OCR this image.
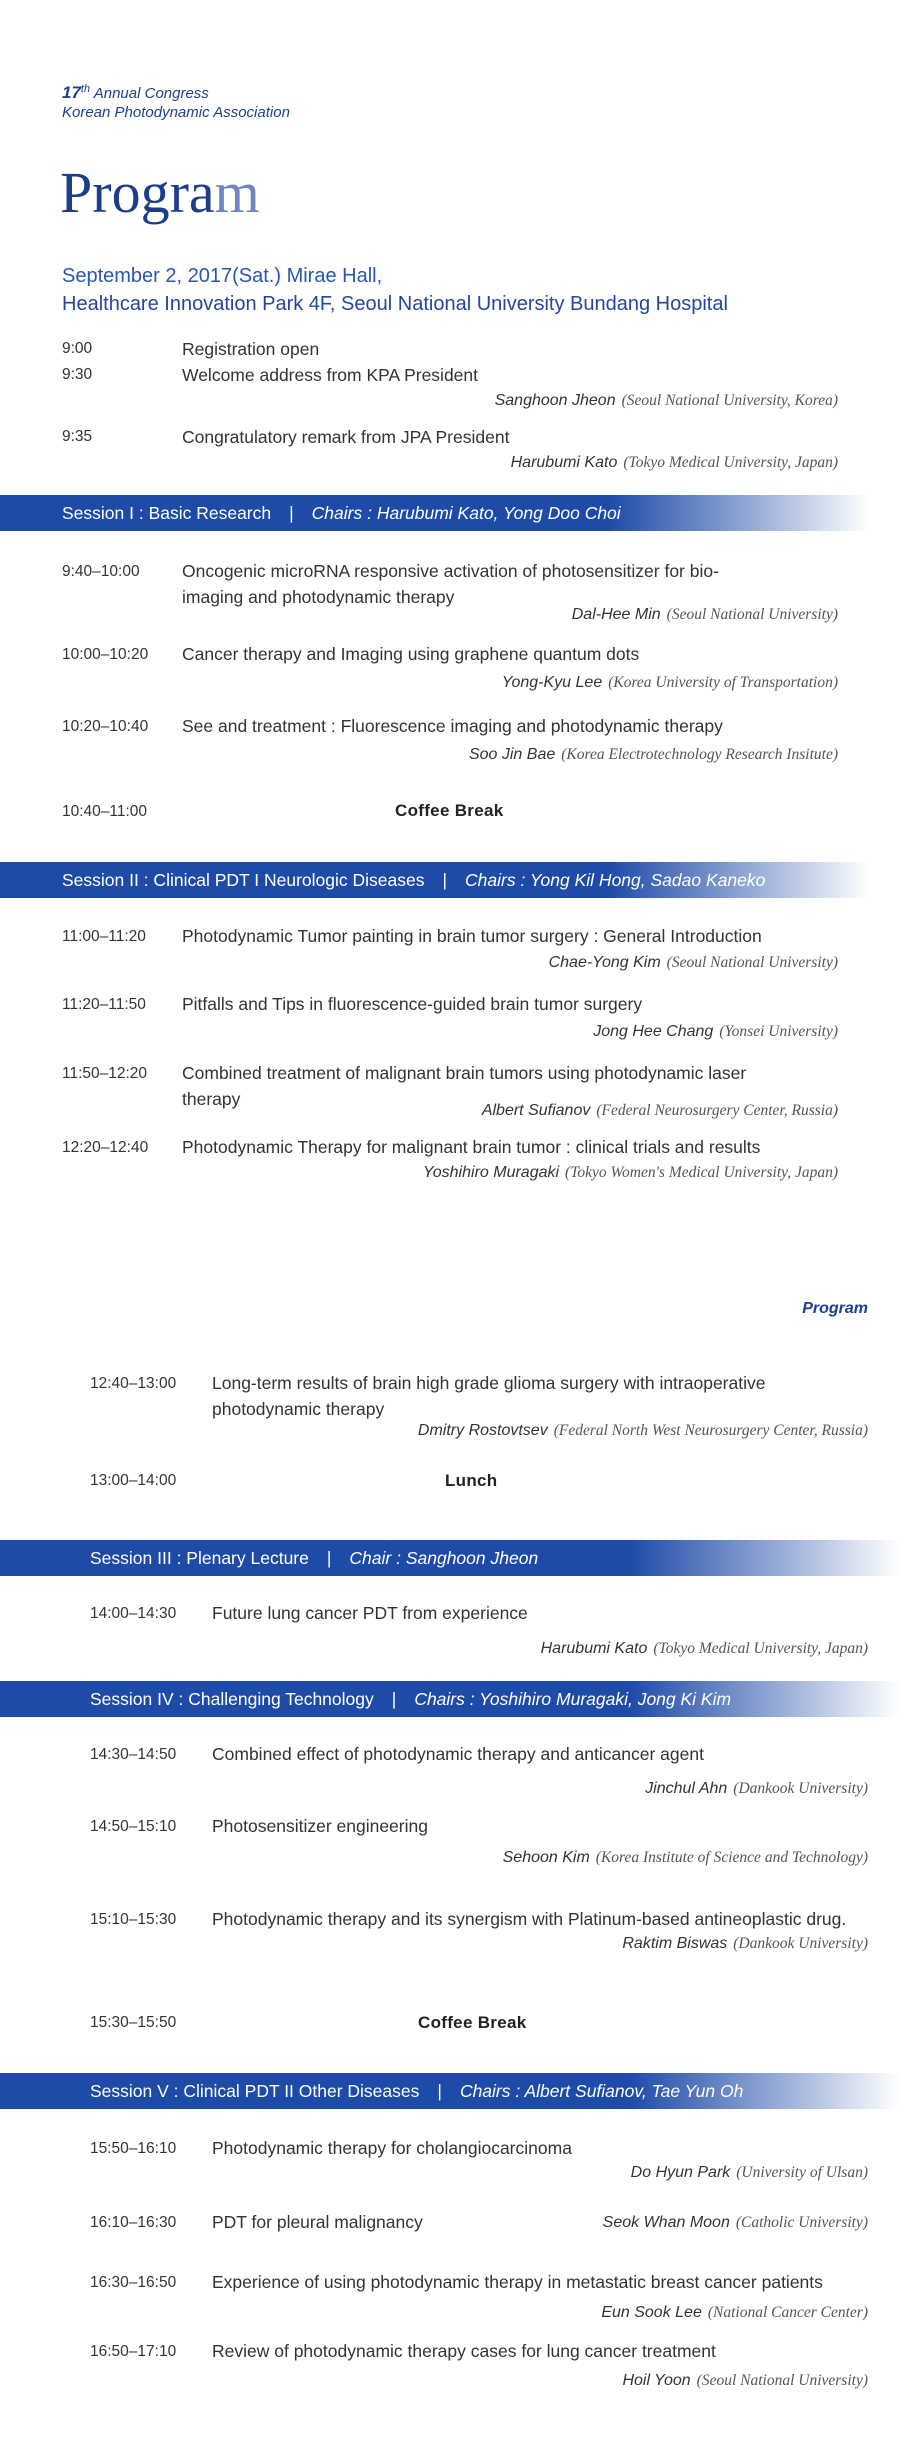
17th Annual Congress
Korean Photodynamic Association
Program
September 2, 2017(Sat.) Mirae Hall,
Healthcare Innovation Park 4F, Seoul National University Bundang Hospital
9:00	Registration open
9:30	Welcome address from KPA President
Sanghoon Jheon (Seoul National University, Korea)
9:35	Congratulatory remark from JPA President
Harubumi Kato (Tokyo Medical University, Japan)
Session I : Basic Research | Chairs : Harubumi Kato, Yong Doo Choi
9:40–10:00 Oncogenic microRNA responsive activation of photosensitizer for bio-
imaging and photodynamic therapy
Dal-Hee Min (Seoul National University)
10:00–10:20 Cancer therapy and Imaging using graphene quantum dots
Yong-Kyu Lee (Korea University of Transportation)
10:20–10:40 See and treatment : Fluorescence imaging and photodynamic therapy
Soo Jin Bae (Korea Electrotechnology Research Insitute)
10:40–11:00	Coffee Break
Session II : Clinical PDT I Neurologic Diseases | Chairs : Yong Kil Hong, Sadao Kaneko
11:00–11:20 Photodynamic Tumor painting in brain tumor surgery : General Introduction
Chae-Yong Kim (Seoul National University)
11:20–11:50 Pitfalls and Tips in fluorescence-guided brain tumor surgery
Jong Hee Chang (Yonsei University)
11:50–12:20 Combined treatment of malignant brain tumors using photodynamic laser
therapy
Albert Sufianov (Federal Neurosurgery Center, Russia)
12:20–12:40 Photodynamic Therapy for malignant brain tumor : clinical trials and results
Yoshihiro Muragaki (Tokyo Women's Medical University, Japan)
Program
12:40–13:00 Long-term results of brain high grade glioma surgery with intraoperative
photodynamic therapy
Dmitry Rostovtsev (Federal North West Neurosurgery Center, Russia)
13:00–14:00	Lunch
Session III : Plenary Lecture | Chair : Sanghoon Jheon
14:00–14:30 Future lung cancer PDT from experience
Harubumi Kato (Tokyo Medical University, Japan)
Session IV : Challenging Technology | Chairs : Yoshihiro Muragaki, Jong Ki Kim
14:30–14:50 Combined effect of photodynamic therapy and anticancer agent
Jinchul Ahn (Dankook University)
14:50–15:10 Photosensitizer engineering
Sehoon Kim (Korea Institute of Science and Technology)
15:10–15:30 Photodynamic therapy and its synergism with Platinum-based antineoplastic drug.
Raktim Biswas (Dankook University)
15:30–15:50	Coffee Break
Session V : Clinical PDT II Other Diseases | Chairs : Albert Sufianov, Tae Yun Oh
15:50–16:10 Photodynamic therapy for cholangiocarcinoma
Do Hyun Park (University of Ulsan)
16:10–16:30 PDT for pleural malignancy	Seok Whan Moon (Catholic University)
16:30–16:50 Experience of using photodynamic therapy in metastatic breast cancer patients
Eun Sook Lee (National Cancer Center)
16:50–17:10 Review of photodynamic therapy cases for lung cancer treatment
Hoil Yoon (Seoul National University)
